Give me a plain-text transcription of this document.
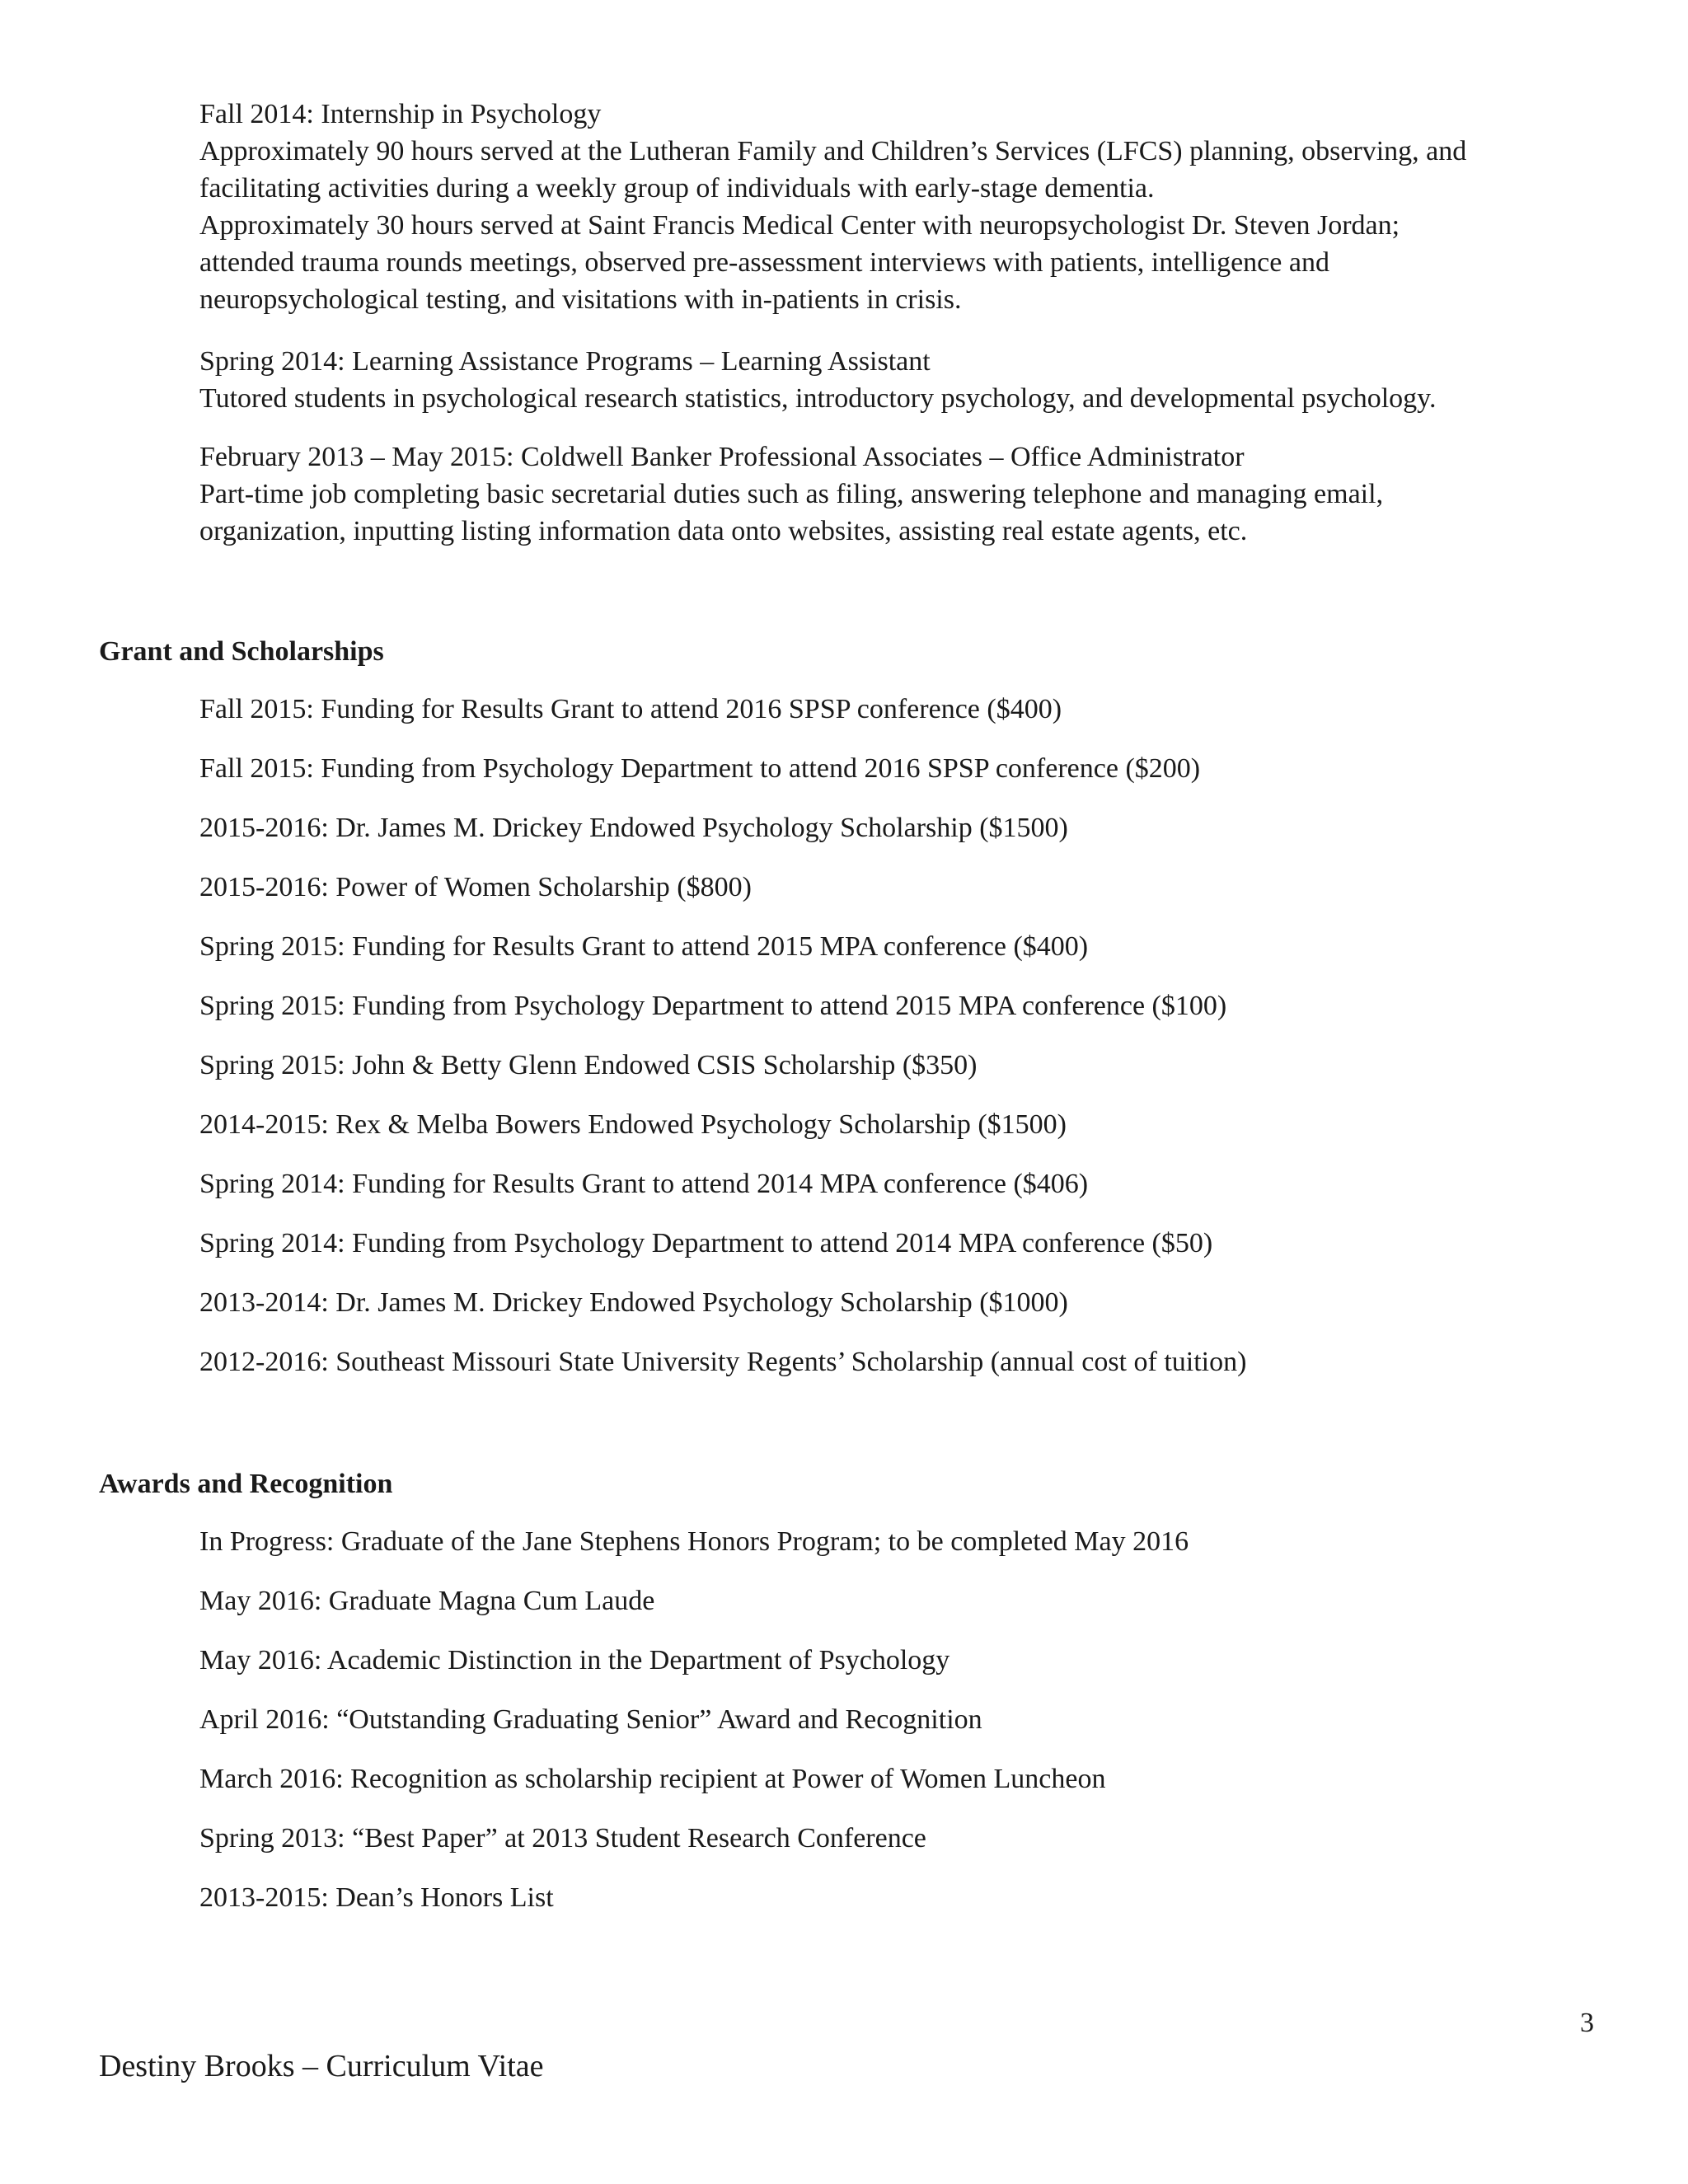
Fall 2014: Internship in Psychology
Approximately 90 hours served at the Lutheran Family and Children’s Services (LFCS) planning, observing, and
facilitating activities during a weekly group of individuals with early-stage dementia.
Approximately 30 hours served at Saint Francis Medical Center with neuropsychologist Dr. Steven Jordan;
attended trauma rounds meetings, observed pre-assessment interviews with patients, intelligence and
neuropsychological testing, and visitations with in-patients in crisis.
Spring 2014: Learning Assistance Programs – Learning Assistant
Tutored students in psychological research statistics, introductory psychology, and developmental psychology.
February 2013 – May 2015: Coldwell Banker Professional Associates – Office Administrator
Part-time job completing basic secretarial duties such as filing, answering telephone and managing email,
organization, inputting listing information data onto websites, assisting real estate agents, etc.
Grant and Scholarships
Fall 2015: Funding for Results Grant to attend 2016 SPSP conference ($400)
Fall 2015: Funding from Psychology Department to attend 2016 SPSP conference ($200)
2015-2016: Dr. James M. Drickey Endowed Psychology Scholarship ($1500)
2015-2016: Power of Women Scholarship ($800)
Spring 2015: Funding for Results Grant to attend 2015 MPA conference ($400)
Spring 2015: Funding from Psychology Department to attend 2015 MPA conference ($100)
Spring 2015: John & Betty Glenn Endowed CSIS Scholarship ($350)
2014-2015: Rex & Melba Bowers Endowed Psychology Scholarship ($1500)
Spring 2014: Funding for Results Grant to attend 2014 MPA conference ($406)
Spring 2014: Funding from Psychology Department to attend 2014 MPA conference ($50)
2013-2014: Dr. James M. Drickey Endowed Psychology Scholarship ($1000)
2012-2016: Southeast Missouri State University Regents’ Scholarship (annual cost of tuition)
Awards and Recognition
In Progress: Graduate of the Jane Stephens Honors Program; to be completed May 2016
May 2016: Graduate Magna Cum Laude
May 2016: Academic Distinction in the Department of Psychology
April 2016: “Outstanding Graduating Senior” Award and Recognition
March 2016: Recognition as scholarship recipient at Power of Women Luncheon
Spring 2013: “Best Paper” at 2013 Student Research Conference
2013-2015: Dean’s Honors List
3
Destiny Brooks – Curriculum Vitae
